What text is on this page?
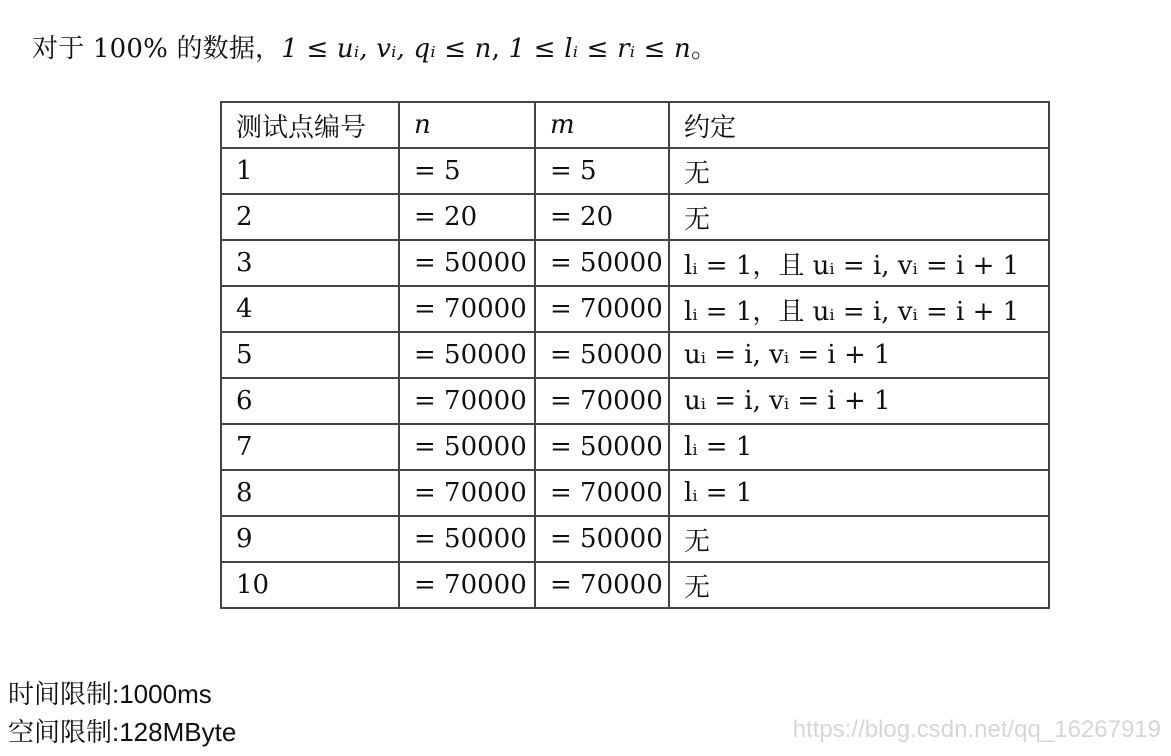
对于 100% 的数据，1 ≤ uᵢ, vᵢ, qᵢ ≤ n, 1 ≤ lᵢ ≤ rᵢ ≤ n。
测试点编号	n	m	约定
1	= 5	= 5	无
2	= 20	= 20	无
3	= 50000	= 50000	lᵢ = 1，且 uᵢ = i, vᵢ = i + 1
4	= 70000	= 70000	lᵢ = 1，且 uᵢ = i, vᵢ = i + 1
5	= 50000	= 50000	uᵢ = i, vᵢ = i + 1
6	= 70000	= 70000	uᵢ = i, vᵢ = i + 1
7	= 50000	= 50000	lᵢ = 1
8	= 70000	= 70000	lᵢ = 1
9	= 50000	= 50000	无
10	= 70000	= 70000	无
时间限制:1000ms
空间限制:128MByte	https://blog.csdn.net/qq_16267919
